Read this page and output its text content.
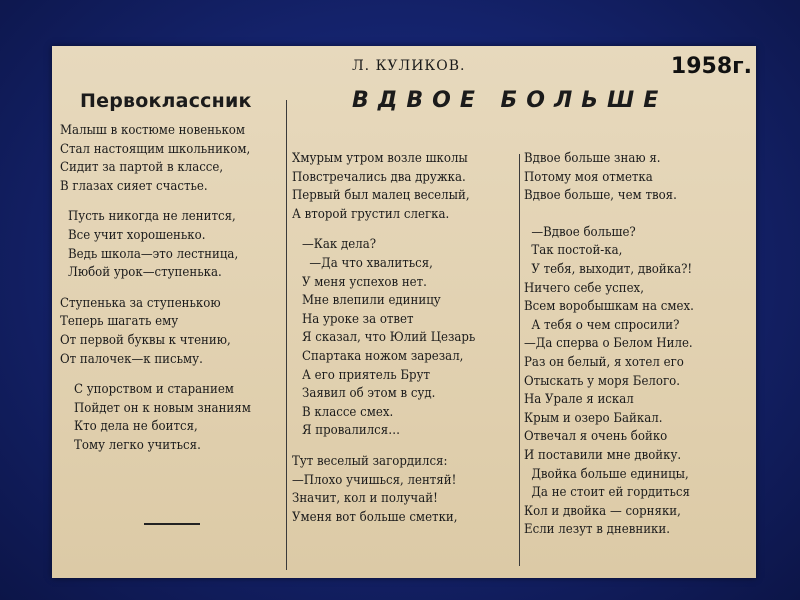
1958г.
Первоклассник
Малыш в костюме новеньком
Стал настоящим школьником,
Сидит за партой в классе,
В глазах сияет счастье.
Пусть никогда не ленится,
Все учит хорошенько.
Ведь школа—это лестница,
Любой урок—ступенька.
Ступенька за ступенькою
Теперь шагать ему
От первой буквы к чтению,
От палочек—к письму.
С упорством и старанием
Пойдет он к новым знаниям
Кто дела не боится,
Тому легко учиться.
Л. КУЛИКОВ.
ВДВОЕ БОЛЬШЕ
Хмурым утром возле школы
Повстречались два дружка.
Первый был малец веселый,
А второй грустил слегка.
—Как дела?
—Да что хвалиться,
У меня успехов нет.
Мне влепили единицу
На уроке за ответ
Я сказал, что Юлий Цезарь
Спартака ножом зарезал,
А его приятель Брут
Заявил об этом в суд.
В классе смех.
Я провалился…
Тут веселый загордился:
—Плохо учишься, лентяй!
Значит, кол и получай!
Уменя вот больше сметки,
Вдвое больше знаю я.
Потому моя отметка
Вдвое больше, чем твоя.
—Вдвое больше?
Так постой-ка,
У тебя, выходит, двойка?!
Ничего себе успех,
Всем воробышкам на смех.
А тебя о чем спросили?
—Да сперва о Белом Ниле.
Раз он белый, я хотел его
Отыскать у моря Белого.
На Урале я искал
Крым и озеро Байкал.
Отвечал я очень бойко
И поставили мне двойку.
Двойка больше единицы,
Да не стоит ей гордиться
Кол и двойка — сорняки,
Если лезут в дневники.
